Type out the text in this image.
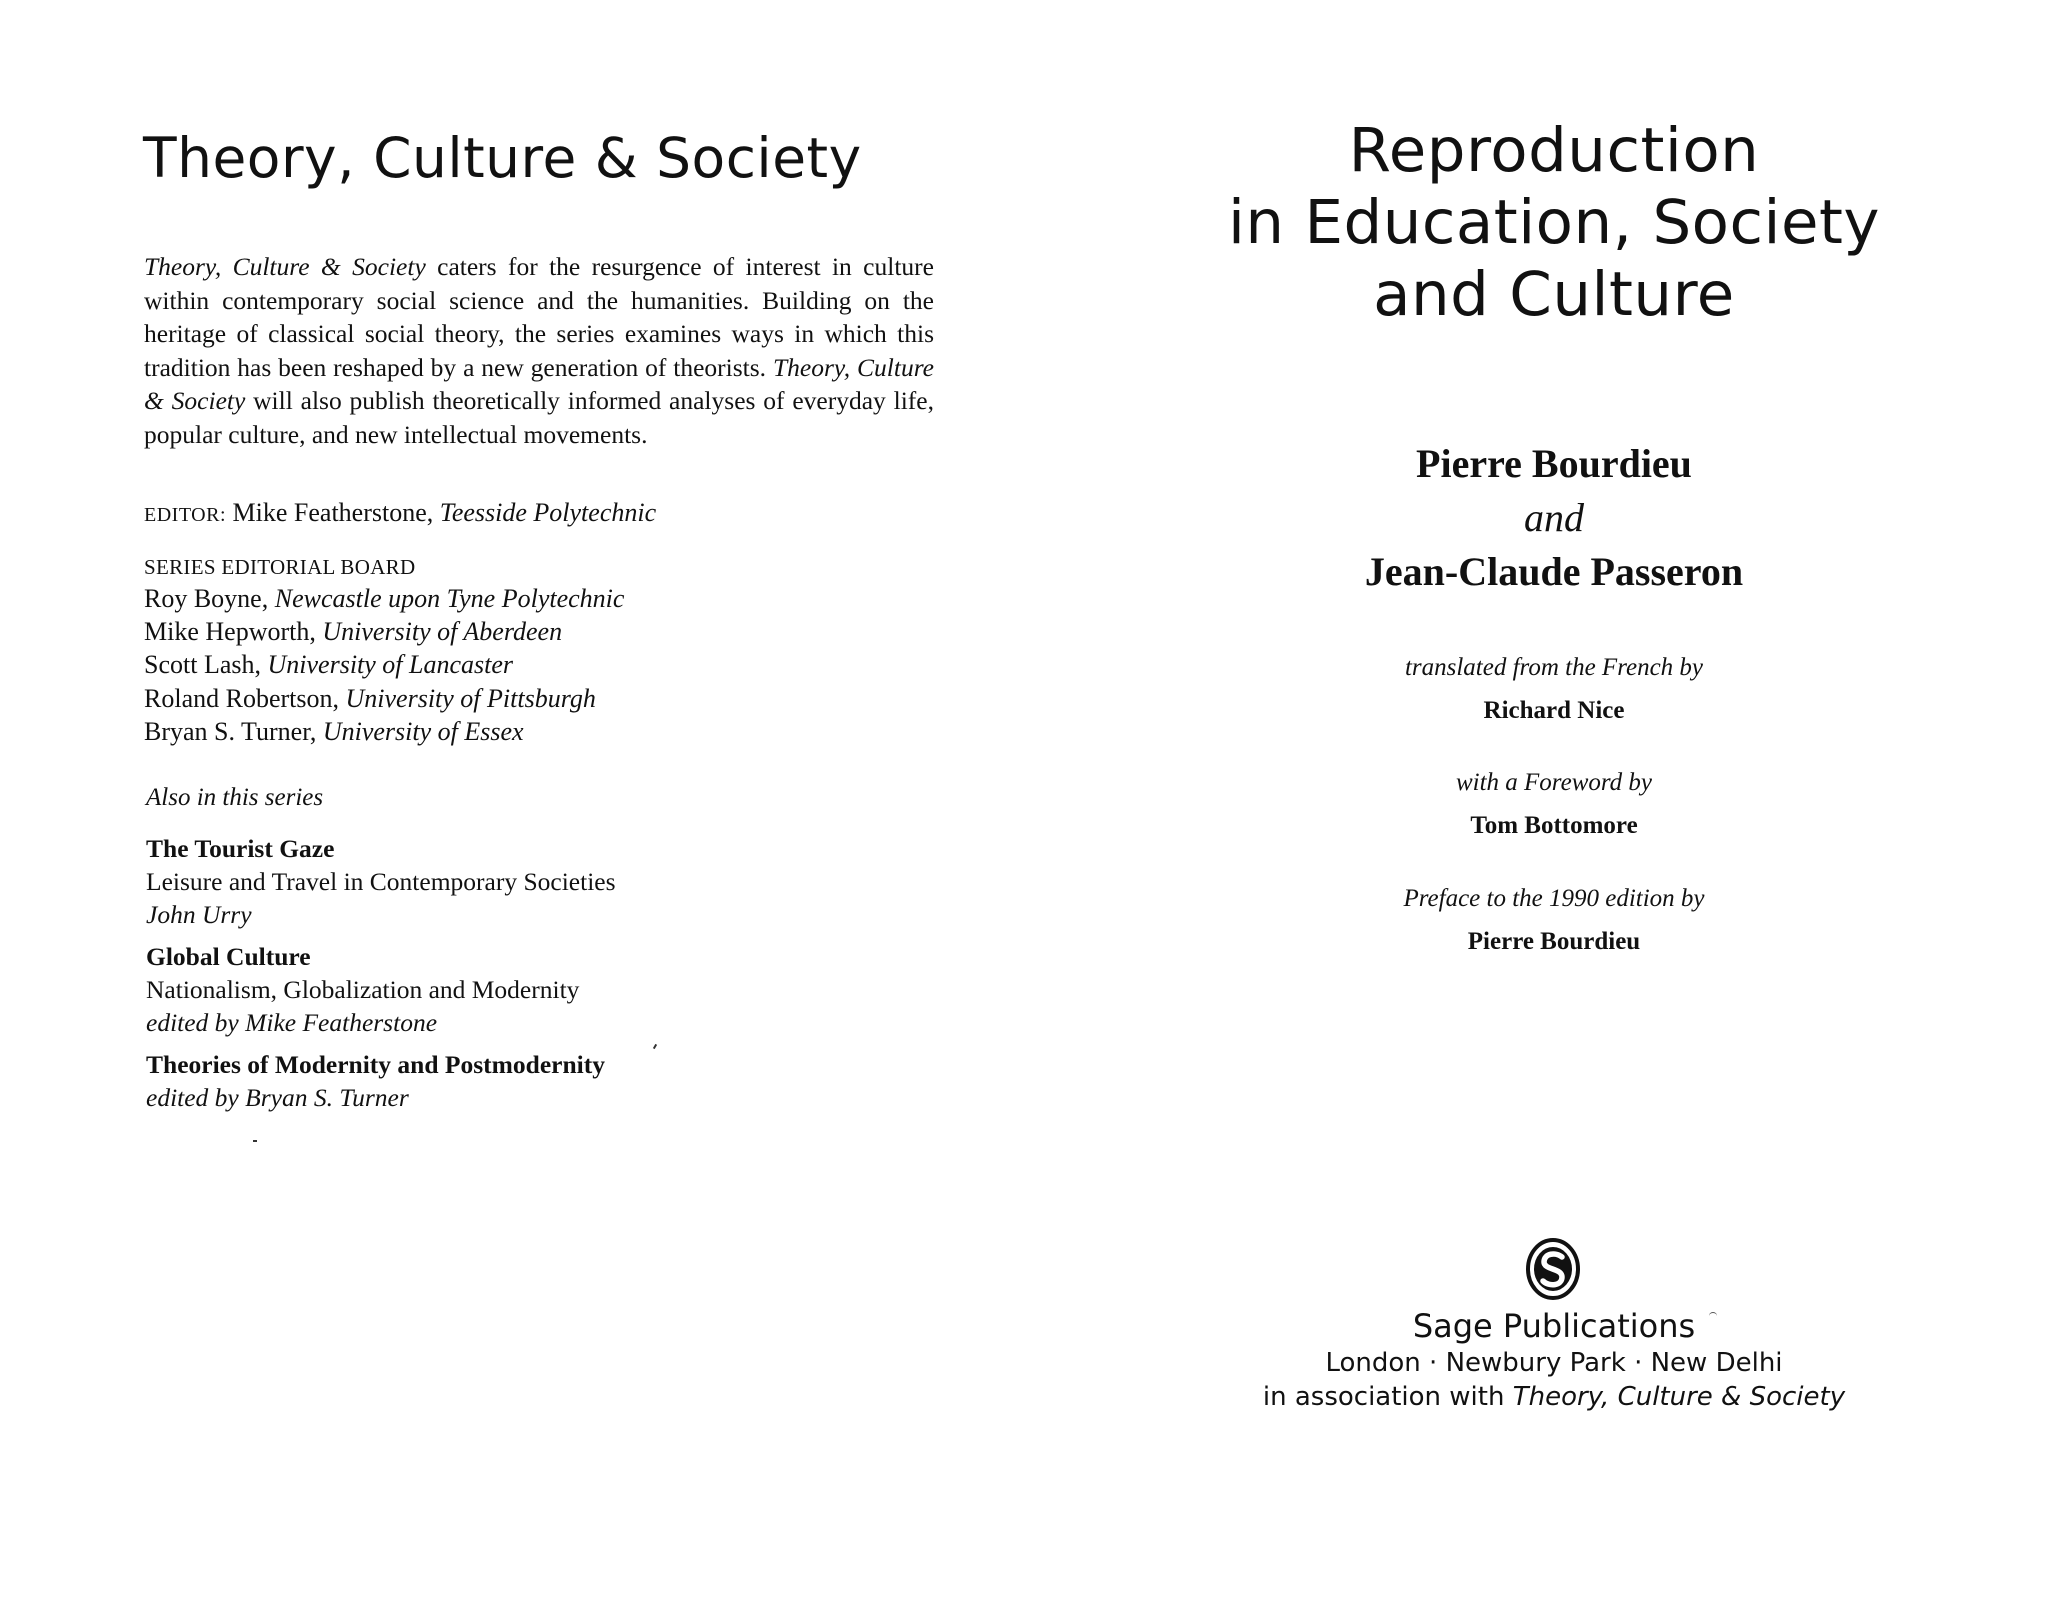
Theory, Culture & Society
Theory, Culture & Society caters for the resurgence of interest in culture within contemporary social science and the humanities. Building on the heritage of classical social theory, the series examines ways in which this tradition has been reshaped by a new generation of theorists. Theory, Culture & Society will also publish theoretically informed analyses of everyday life, popular culture, and new intellectual movements.
EDITOR: Mike Featherstone, Teesside Polytechnic
SERIES EDITORIAL BOARD
Roy Boyne, Newcastle upon Tyne Polytechnic
Mike Hepworth, University of Aberdeen
Scott Lash, University of Lancaster
Roland Robertson, University of Pittsburgh
Bryan S. Turner, University of Essex
Also in this series
The Tourist Gaze
Leisure and Travel in Contemporary Societies
John Urry
Global Culture
Nationalism, Globalization and Modernity
edited by Mike Featherstone
Theories of Modernity and Postmodernity
edited by Bryan S. Turner
Reproduction
in Education, Society
and Culture
Pierre Bourdieu
and
Jean-Claude Passeron
translated from the French by
Richard Nice
with a Foreword by
Tom Bottomore
Preface to the 1990 edition by
Pierre Bourdieu
Sage Publications
London · Newbury Park · New Delhi
in association with Theory, Culture & Society
